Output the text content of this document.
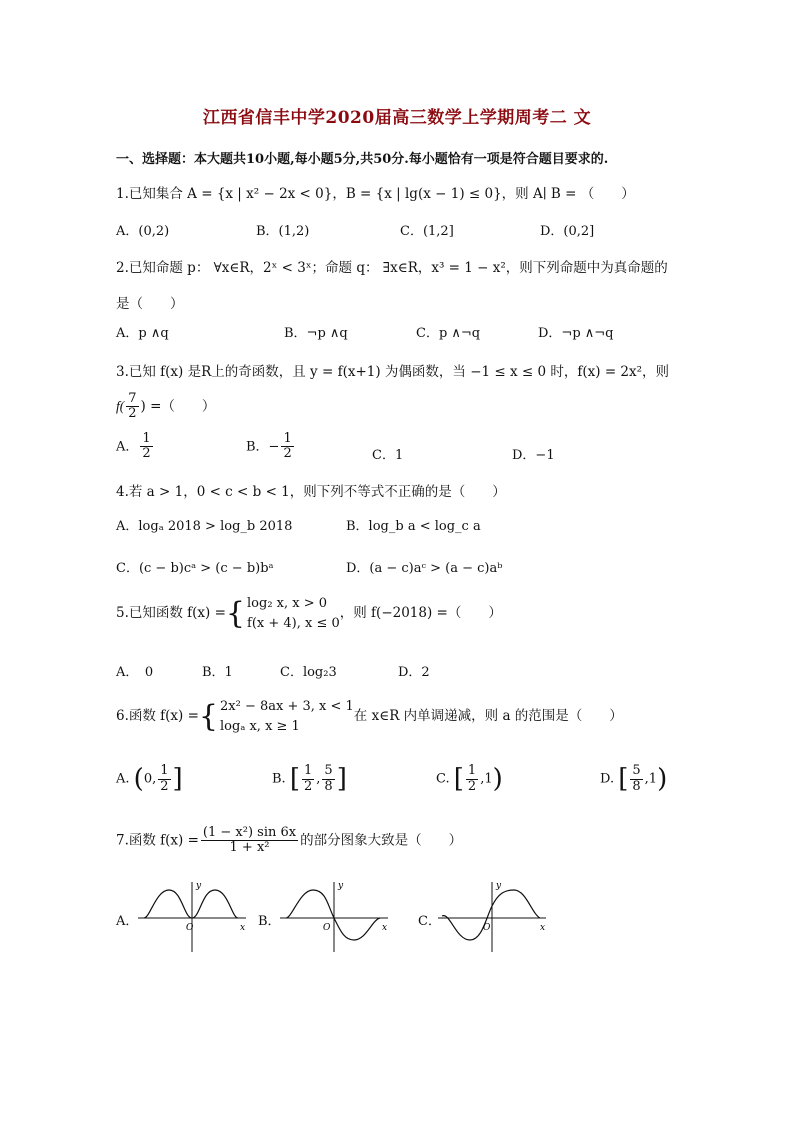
江西省信丰中学2020届高三数学上学期周考二 文
一、选择题：本大题共10小题,每小题5分,共50分.每小题恰有一项是符合题目要求的.
1.已知集合 A = {x | x² − 2x < 0}，B = {x | lg(x − 1) ≤ 0}，则 A∣ B = （　　）
A．(0,2)	B．(1,2)	C．(1,2]	D．(0,2]
2.已知命题 p： ∀x∈R，2ˣ < 3ˣ；命题 q： ∃x∈R，x³ = 1 − x²，则下列命题中为真命题的
是（　　）
A．p ∧q	B．¬p ∧q	C．p ∧¬q	D．¬p ∧¬q
3.已知 f(x) 是R上的奇函数，且 y = f(x+1) 为偶函数，当 −1 ≤ x ≤ 0 时，f(x) = 2x²，则
$f( \frac{7}{2}$ ) =（　　）
A． $\frac{1}{2}$	B．− $\frac{1}{2}$	C．1	D．−1
4.若 a > 1，0 < c < b < 1，则下列不等式不正确的是（　　）
A．logₐ 2018 > log_b 2018	B．log_b a < log_c a
C．(c − b)cᵃ > (c − b)bᵃ	D．(a − c)aᶜ > (a − c)aᵇ
5.已知函数 f(x) ={ log₂ x, x > 0
f(x + 4), x ≤ 0
，则 f(−2018) =（　　）
A．　0	B．1	C．log₂3	D．2
6.函数 f(x) ={ 2x² − 8ax + 3, x < 1
logₐ x, x ≥ 1
在 x∈R 内单调递减，则 a 的范围是（　　）
A. (0, $\frac{1}{2}$ ]	B. [ $\frac{1}{2}$ , $\frac{5}{8}$ ]	C. [ $\frac{1}{2} ,1$)	D. [ $\frac{5}{8} ,1$)
7.函数 $f(x) = \frac{\text{(1 − x²) sin 6x}}{\text{1 + x²}}$ 的部分图象大致是（　　）
A．
y
x
O	B．
y
x
O	C．
y
x
O
